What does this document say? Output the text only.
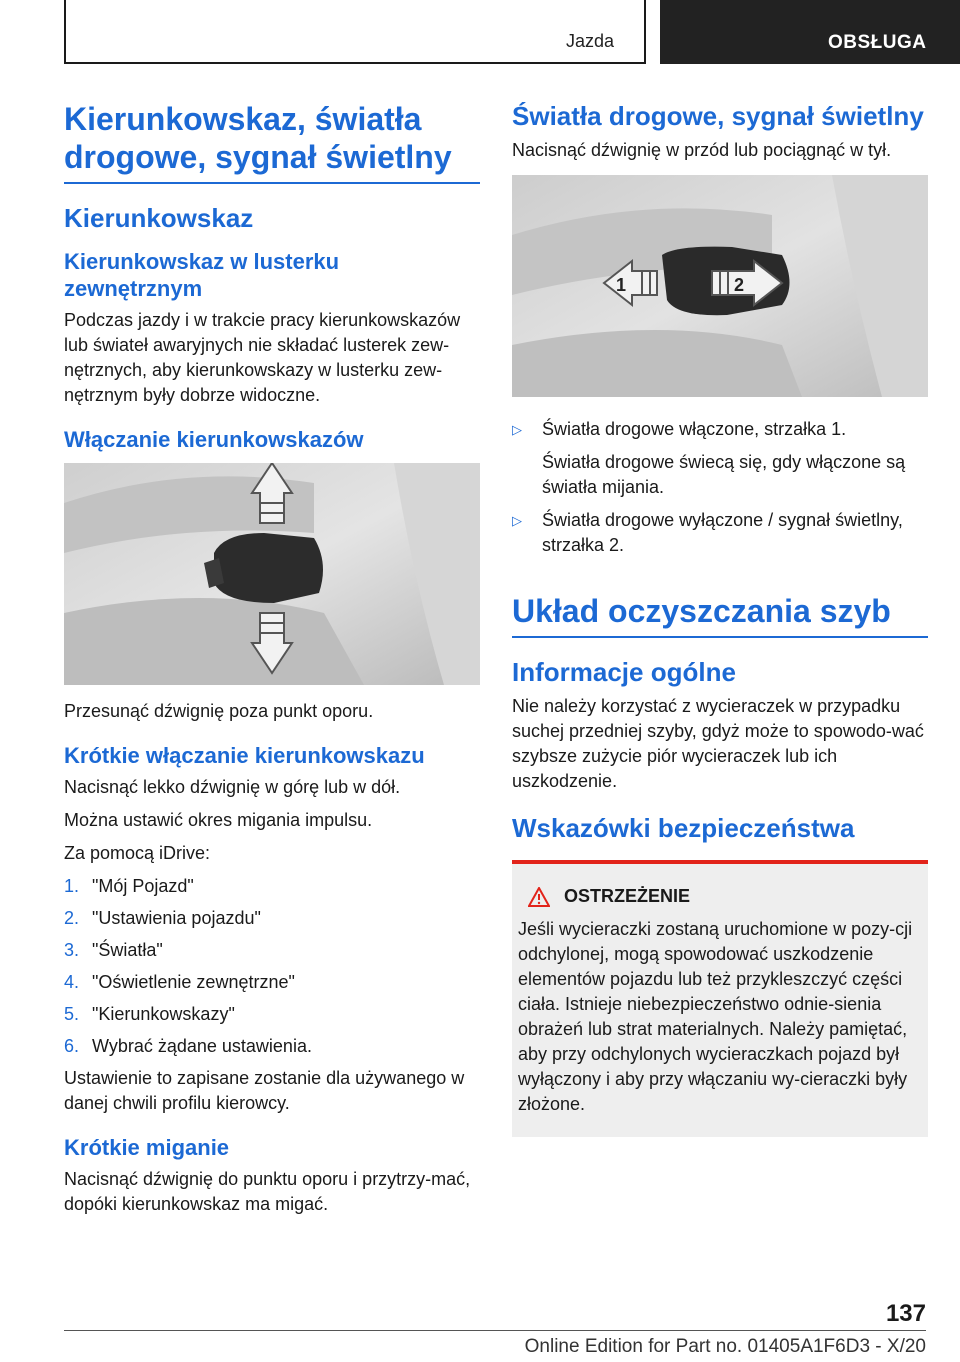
Jazda	OBSŁUGA
Kierunkowskaz, światła drogowe, sygnał świetlny
Kierunkowskaz
Kierunkowskaz w lusterku zewnętrznym

Podczas jazdy i w trakcie pracy kierunkowskazów lub świateł awaryjnych nie składać lusterek zew‐nętrznych, aby kierunkowskazy w lusterku zew‐nętrznym były dobrze widoczne.

Włączanie kierunkowskazów

Przesunąć dźwignię poza punkt oporu.

Krótkie włączanie kierunkowskazu

Nacisnąć lekko dźwignię w górę lub w dół.

Można ustawić okres migania impulsu.

Za pomocą iDrive:

1. "Mój Pojazd"
2. "Ustawienia pojazdu"
3. "Światła"
4. "Oświetlenie zewnętrzne"
5. "Kierunkowskazy"
6. Wybrać żądane ustawienia.

Ustawienie to zapisane zostanie dla używanego w danej chwili profilu kierowcy.

Krótkie miganie

Nacisnąć dźwignię do punktu oporu i przytrzy‐mać, dopóki kierunkowskaz ma migać.

Światła drogowe, sygnał świetlny

Nacisnąć dźwignię w przód lub pociągnąć w tył.

1	2
▷	Światła drogowe włączone, strzałka 1.

Światła drogowe świecą się, gdy włączone są światła mijania.

▷	Światła drogowe wyłączone / sygnał świetlny, strzałka 2.
Układ oczyszczania szyb
Informacje ogólne

Nie należy korzystać z wycieraczek w przypadku suchej przedniej szyby, gdyż może to spowodo‐wać szybsze zużycie piór wycieraczek lub ich uszkodzenie.

Wskazówki bezpieczeństwa
OSTRZEŻENIE

Jeśli wycieraczki zostaną uruchomione w pozy‐cji odchylonej, mogą spowodować uszkodzenie elementów pojazdu lub też przykleszczyć części ciała. Istnieje niebezpieczeństwo odnie‐sienia obrażeń lub strat materialnych. Należy pamiętać, aby przy odchylonych wycieraczkach pojazd był wyłączony i aby przy włączaniu wy‐cieraczki były złożone.

137
Online Edition for Part no. 01405A1F6D3 - X/20
